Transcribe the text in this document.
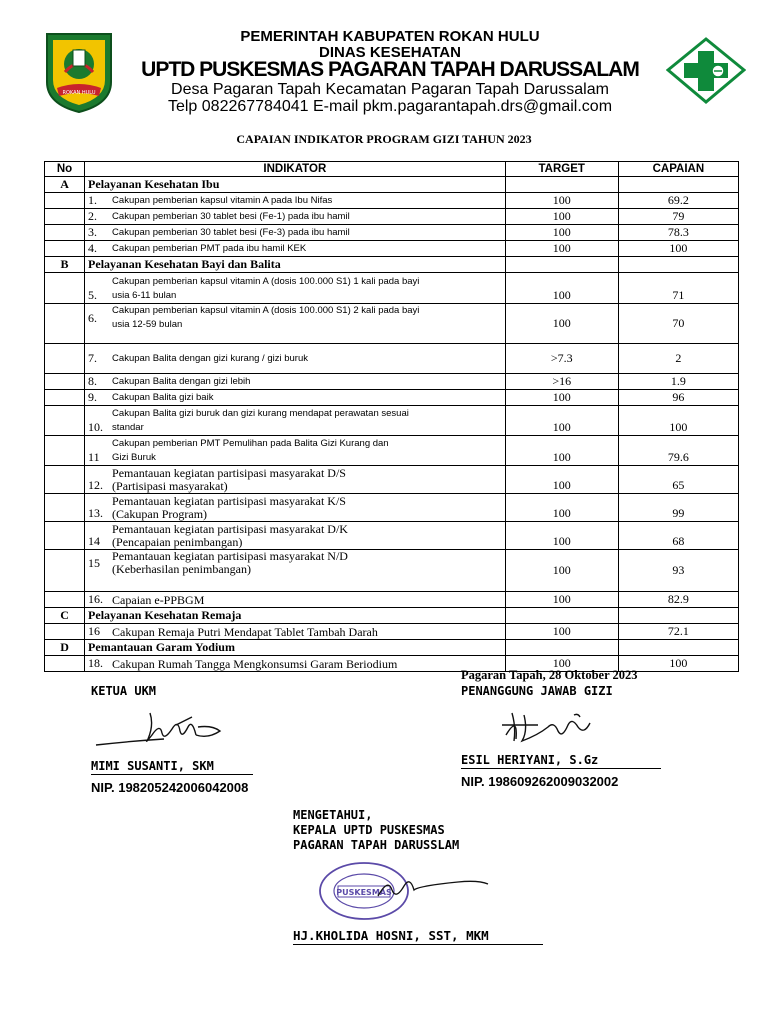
ROKAN HULU
PEMERINTAH KABUPATEN ROKAN HULU
DINAS KESEHATAN
UPTD PUSKESMAS PAGARAN TAPAH DARUSSALAM
Desa Pagaran Tapah Kecamatan Pagaran Tapah Darussalam
Telp 082267784041 E-mail pkm.pagarantapah.drs@gmail.com
CAPAIAN INDIKATOR PROGRAM GIZI TAHUN 2023
No	INDIKATOR	TARGET	CAPAIAN
A	Pelayanan Kesehatan Ibu		

	1. Cakupan pemberian kapsul vitamin A pada Ibu Nifas	100	69.2

	2. Cakupan pemberian 30 tablet besi (Fe-1) pada ibu hamil	100	79

	3. Cakupan pemberian 30 tablet besi (Fe-3) pada ibu hamil	100	78.3

	4. Cakupan pemberian PMT pada ibu hamil KEK	100	100
B	Pelayanan Kesehatan Bayi dan Balita		

	5.
Cakupan pemberian kapsul vitamin A (dosis 100.000 S1) 1 kali pada bayi
usia 6-11 bulan	100	71

	6. Cakupan pemberian kapsul vitamin A (dosis 100.000 S1) 2 kali pada bayi
usia 12-59 bulan	100	70

	7. Cakupan Balita dengan gizi kurang / gizi buruk	>7.3	2

	8. Cakupan Balita dengan gizi lebih	>16	1.9

	9. Cakupan Balita gizi baik	100	96

	10.
Cakupan Balita gizi buruk dan gizi kurang mendapat perawatan sesuai
standar	100	100

	11
Cakupan pemberian PMT Pemulihan pada Balita Gizi Kurang dan
Gizi Buruk	100	79.6

	12.
Pemantauan kegiatan partisipasi masyarakat D/S
(Partisipasi masyarakat)	100	65

	13.
Pemantauan kegiatan partisipasi masyarakat K/S
(Cakupan Program)	100	99

	14
Pemantauan kegiatan partisipasi masyarakat D/K
(Pencapaian penimbangan)	100	68

	15 Pemantauan kegiatan partisipasi masyarakat N/D
(Keberhasilan penimbangan)	100	93

	16. Capaian e-PPBGM	100	82.9
C	Pelayanan Kesehatan Remaja		

	16 Cakupan Remaja Putri Mendapat Tablet Tambah Darah	100	72.1
D	Pemantauan Garam Yodium		

	18. Cakupan Rumah Tangga Mengkonsumsi Garam Beriodium	100	100
Pagaran Tapah, 28 Oktober 2023
KETUA UKM	PENANGGUNG JAWAB GIZI
MIMI SUSANTI, SKM	ESIL HERIYANI, S.Gz
NIP. 19820524200604200​8	NIP. 198609262009032002
MENGETAHUI,
KEPALA UPTD PUSKESMAS
PAGARAN TAPAH DARUSSLAM
PUSKESMAS
HJ.KHOLIDA HOSNI, SST, MKM
